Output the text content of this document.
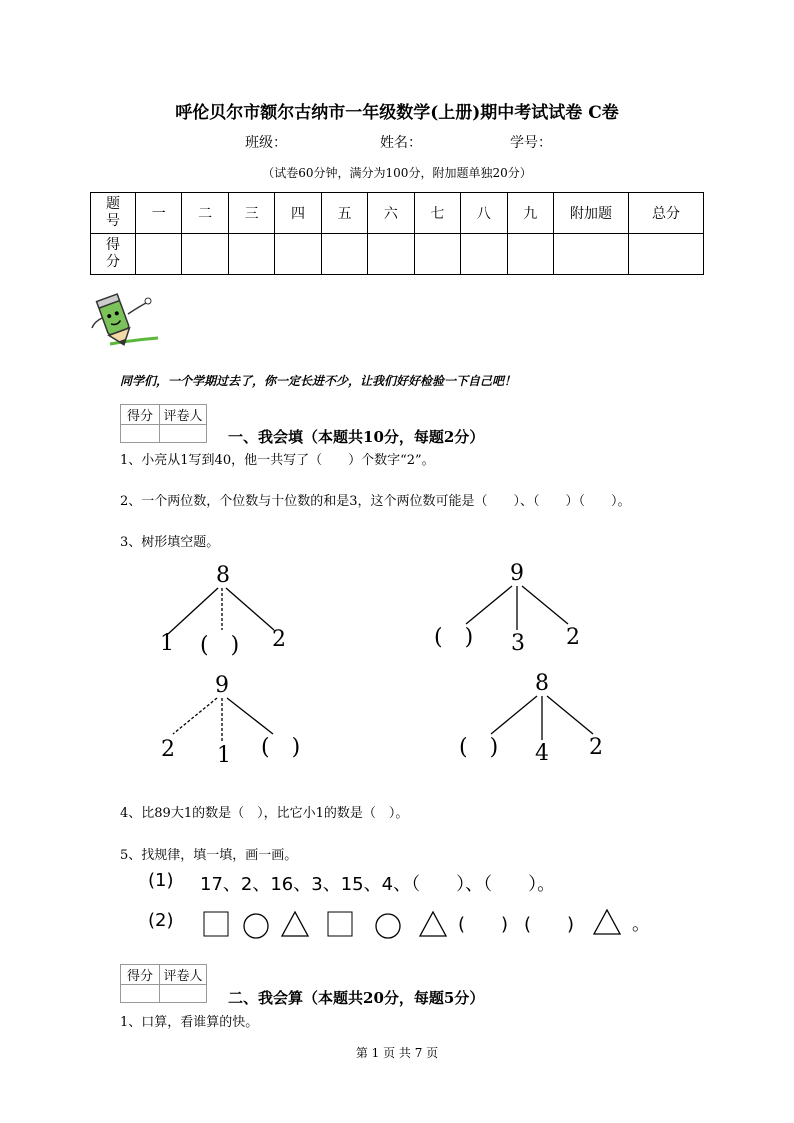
呼伦贝尔市额尔古纳市一年级数学(上册)期中考试试卷 C卷
班级：	姓名：	学号：
（试卷60分钟，满分为100分，附加题单独20分）
题号	一	二	三	四	五	六	七	八	九	附加题	总分
得分											
同学们，一个学期过去了，你一定长进不少，让我们好好检验一下自己吧！
得分	评卷人

一、我会填（本题共10分，每题2分）
1、小亮从1写到40，他一共写了（　　）个数字“2”。
2、一个两位数，个位数与十位数的和是3，这个两位数可能是（　　）、（　　）（　　）。
3、树形填空题。
8
1 (　) 2
9
(　) 3 2
9
2 1 (　)
8
(　) 4 2
4、比89大1的数是（　），比它小1的数是（　）。
5、找规律，填一填，画一画。
(1) 17、2、16、3、15、4、（　　）、（　　）。
(2)	(　　) (　　)	。
得分	评卷人

二、我会算（本题共20分，每题5分）
1、口算，看谁算的快。
第 1 页 共 7 页
